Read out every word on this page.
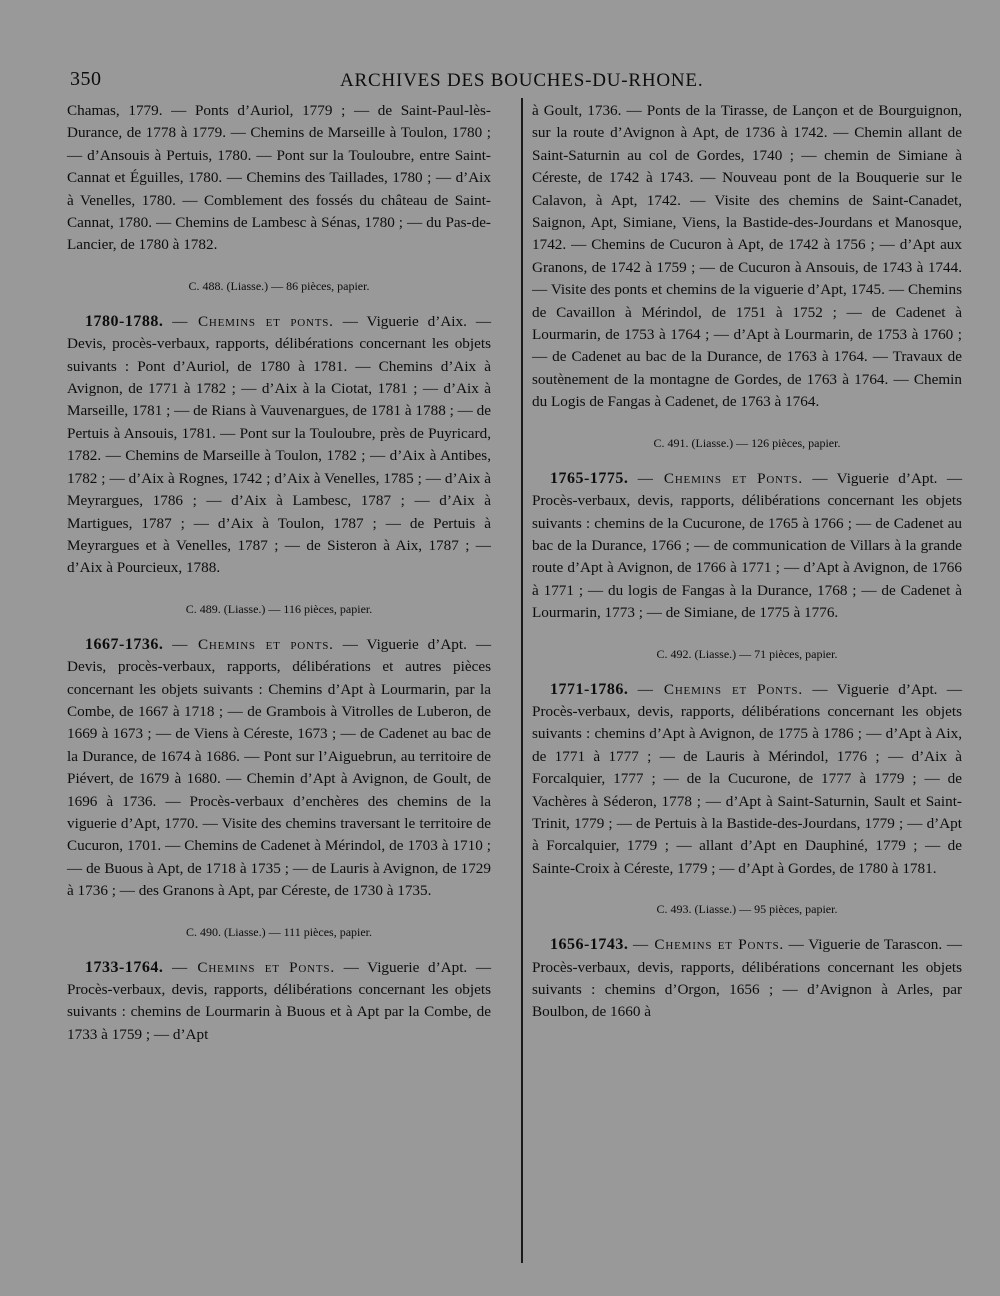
350	ARCHIVES DES BOUCHES-DU-RHONE.

Chamas, 1779. — Ponts d’Auriol, 1779 ; — de Saint-Paul-lès-Durance, de 1778 à 1779. — Chemins de Marseille à Toulon, 1780 ; — d’Ansouis à Pertuis, 1780. — Pont sur la Touloubre, entre Saint-Cannat et Éguilles, 1780. — Chemins des Taillades, 1780 ; — d’Aix à Venelles, 1780. — Comblement des fossés du château de Saint-Cannat, 1780. — Chemins de Lambesc à Sénas, 1780 ; — du Pas-de-Lancier, de 1780 à 1782.

C. 488. (Liasse.) — 86 pièces, papier.

1780-1788. — Chemins et ponts. — Viguerie d’Aix. — Devis, procès-verbaux, rapports, délibérations concernant les objets suivants : Pont d’Auriol, de 1780 à 1781. — Chemins d’Aix à Avignon, de 1771 à 1782 ; — d’Aix à la Ciotat, 1781 ; — d’Aix à Marseille, 1781 ; — de Rians à Vauvenargues, de 1781 à 1788 ; — de Pertuis à Ansouis, 1781. — Pont sur la Touloubre, près de Puyricard, 1782. — Chemins de Marseille à Toulon, 1782 ; — d’Aix à Antibes, 1782 ; — d’Aix à Rognes, 1742 ; d’Aix à Venelles, 1785 ; — d’Aix à Meyrargues, 1786 ; — d’Aix à Lambesc, 1787 ; — d’Aix à Martigues, 1787 ; — d’Aix à Toulon, 1787 ; — de Pertuis à Meyrargues et à Venelles, 1787 ; — de Sisteron à Aix, 1787 ; — d’Aix à Pourcieux, 1788.

C. 489. (Liasse.) — 116 pièces, papier.

1667-1736. — Chemins et ponts. — Viguerie d’Apt. — Devis, procès-verbaux, rapports, délibérations et autres pièces concernant les objets suivants : Chemins d’Apt à Lourmarin, par la Combe, de 1667 à 1718 ; — de Grambois à Vitrolles de Luberon, de 1669 à 1673 ; — de Viens à Céreste, 1673 ; — de Cadenet au bac de la Durance, de 1674 à 1686. — Pont sur l’Aiguebrun, au territoire de Piévert, de 1679 à 1680. — Chemin d’Apt à Avignon, de Goult, de 1696 à 1736. — Procès-verbaux d’enchères des chemins de la viguerie d’Apt, 1770. — Visite des chemins traversant le territoire de Cucuron, 1701. — Chemins de Cadenet à Mérindol, de 1703 à 1710 ; — de Buous à Apt, de 1718 à 1735 ; — de Lauris à Avignon, de 1729 à 1736 ; — des Granons à Apt, par Céreste, de 1730 à 1735.

C. 490. (Liasse.) — 111 pièces, papier.

1733-1764. — Chemins et Ponts. — Viguerie d’Apt. — Procès-verbaux, devis, rapports, délibérations concernant les objets suivants : chemins de Lourmarin à Buous et à Apt par la Combe, de 1733 à 1759 ; — d’Apt

à Goult, 1736. — Ponts de la Tirasse, de Lançon et de Bourguignon, sur la route d’Avignon à Apt, de 1736 à 1742. — Chemin allant de Saint-Saturnin au col de Gordes, 1740 ; — chemin de Simiane à Céreste, de 1742 à 1743. — Nouveau pont de la Bouquerie sur le Calavon, à Apt, 1742. — Visite des chemins de Saint-Canadet, Saignon, Apt, Simiane, Viens, la Bastide-des-Jourdans et Manosque, 1742. — Chemins de Cucuron à Apt, de 1742 à 1756 ; — d’Apt aux Granons, de 1742 à 1759 ; — de Cucuron à Ansouis, de 1743 à 1744. — Visite des ponts et chemins de la viguerie d’Apt, 1745. — Chemins de Cavaillon à Mérindol, de 1751 à 1752 ; — de Cadenet à Lourmarin, de 1753 à 1764 ; — d’Apt à Lourmarin, de 1753 à 1760 ; — de Cadenet au bac de la Durance, de 1763 à 1764. — Travaux de soutènement de la montagne de Gordes, de 1763 à 1764. — Chemin du Logis de Fangas à Cadenet, de 1763 à 1764.

C. 491. (Liasse.) — 126 pièces, papier.

1765-1775. — Chemins et Ponts. — Viguerie d’Apt. — Procès-verbaux, devis, rapports, délibérations concernant les objets suivants : chemins de la Cucurone, de 1765 à 1766 ; — de Cadenet au bac de la Durance, 1766 ; — de communication de Villars à la grande route d’Apt à Avignon, de 1766 à 1771 ; — d’Apt à Avignon, de 1766 à 1771 ; — du logis de Fangas à la Durance, 1768 ; — de Cadenet à Lourmarin, 1773 ; — de Simiane, de 1775 à 1776.

C. 492. (Liasse.) — 71 pièces, papier.

1771-1786. — Chemins et Ponts. — Viguerie d’Apt. — Procès-verbaux, devis, rapports, délibérations concernant les objets suivants : chemins d’Apt à Avignon, de 1775 à 1786 ; — d’Apt à Aix, de 1771 à 1777 ; — de Lauris à Mérindol, 1776 ; — d’Aix à Forcalquier, 1777 ; — de la Cucurone, de 1777 à 1779 ; — de Vachères à Séderon, 1778 ; — d’Apt à Saint-Saturnin, Sault et Saint-Trinit, 1779 ; — de Pertuis à la Bastide-des-Jourdans, 1779 ; — d’Apt à Forcalquier, 1779 ; — allant d’Apt en Dauphiné, 1779 ; — de Sainte-Croix à Céreste, 1779 ; — d’Apt à Gordes, de 1780 à 1781.

C. 493. (Liasse.) — 95 pièces, papier.

1656-1743. — Chemins et Ponts. — Viguerie de Tarascon. — Procès-verbaux, devis, rapports, délibérations concernant les objets suivants : chemins d’Orgon, 1656 ; — d’Avignon à Arles, par Boulbon, de 1660 à
